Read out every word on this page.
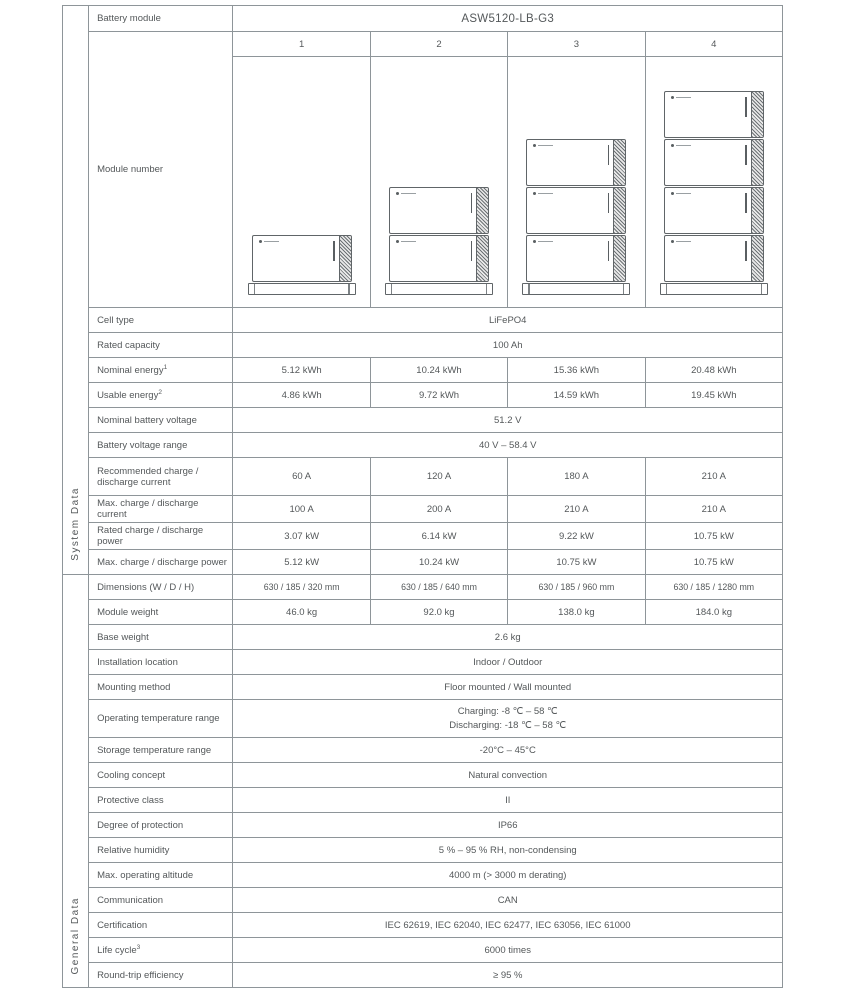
System Data	Battery module	ASW5120-LB-G3			
	Module number	1	2	3	4

	Cell type	LiFePO4			
	Rated capacity	100 Ah			
	Nominal energy$^1$	5.12 kWh	10.24 kWh	15.36 kWh	20.48 kWh
	Usable energy$^2$	4.86 kWh	9.72 kWh	14.59 kWh	19.45 kWh
	Nominal battery voltage	51.2 V			
	Battery voltage range	40 V – 58.4 V			
	Recommended charge / discharge current	60 A	120 A	180 A	210 A
	Max. charge / discharge current	100 A	200 A	210 A	210 A
	Rated charge / discharge power	3.07 kW	6.14 kW	9.22 kW	10.75 kW
	Max. charge / discharge power	5.12 kW	10.24 kW	10.75 kW	10.75 kW
General Data	Dimensions (W / D / H)	630 / 185 / 320 mm	630 / 185 / 640 mm	630 / 185 / 960 mm	630 / 185 / 1280 mm
	Module weight	46.0 kg	92.0 kg	138.0 kg	184.0 kg
	Base weight	2.6 kg			
	Installation location	Indoor / Outdoor			
	Mounting method	Floor mounted / Wall mounted			
	Operating temperature range	Charging: -8 ℃ – 58 ℃
Discharging: -18 ℃ – 58 ℃			

	Storage temperature range	-20°C – 45°C			
	Cooling concept	Natural convection			
	Protective class	II			
	Degree of protection	IP66			
	Relative humidity	5 % – 95 % RH, non-condensing			
	Max. operating altitude	4000 m (> 3000 m derating)			
	Communication	CAN			
	Certification	IEC 62619, IEC 62040, IEC 62477, IEC 63056, IEC 61000			
	Life cycle$^3$	6000 times			
	Round-trip efficiency	≥ 95 %			
